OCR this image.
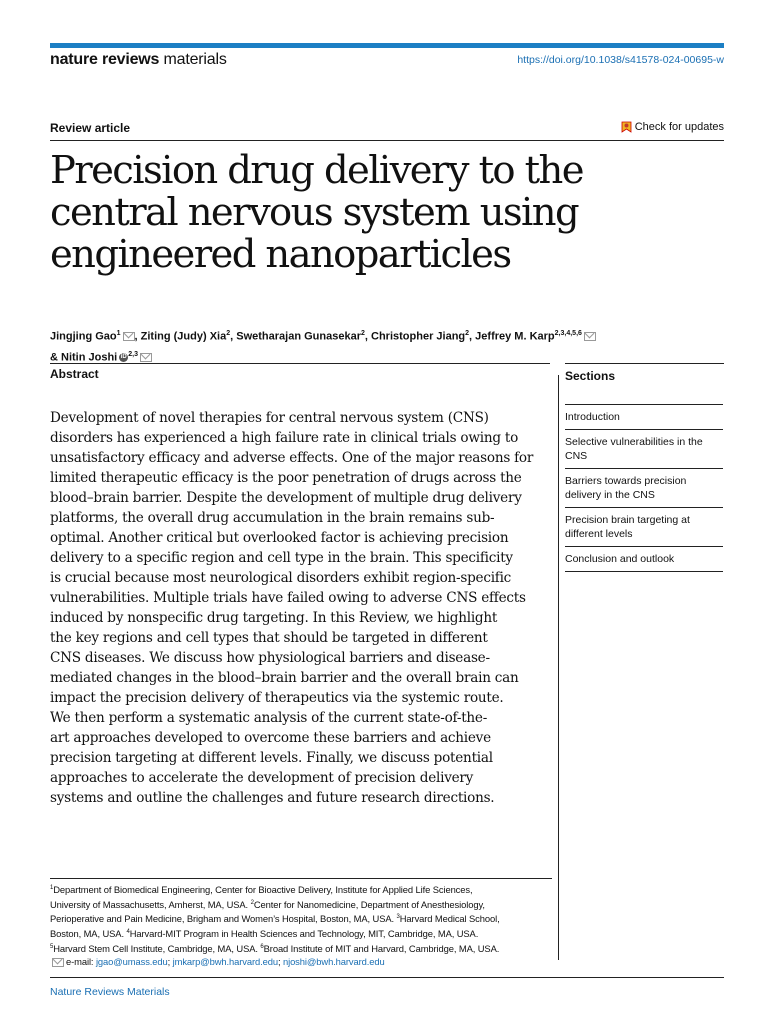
nature reviews materials	https://doi.org/10.1038/s41578-024-00695-w
Review article	Check for updates
Precision drug delivery to the
central nervous system using
engineered nanoparticles
Jingjing Gao$^1$ , Ziting (Judy) Xia$^2$, Swetharajan Gunasekar$^2$, Christopher Jiang$^2$, Jeffrey M. Karp$^{2,3,4,5,6}$
& Nitin Joshi iD $^{2,3}$
Abstract

Development of novel therapies for central nervous system (CNS)
disorders has experienced a high failure rate in clinical trials owing to
unsatisfactory efficacy and adverse effects. One of the major reasons for
limited therapeutic efficacy is the poor penetration of drugs across the
blood–brain barrier. Despite the development of multiple drug delivery
platforms, the overall drug accumulation in the brain remains sub-
optimal. Another critical but overlooked factor is achieving precision
delivery to a specific region and cell type in the brain. This specificity
is crucial because most neurological disorders exhibit region-specific
vulnerabilities. Multiple trials have failed owing to adverse CNS effects
induced by nonspecific drug targeting. In this Review, we highlight
the key regions and cell types that should be targeted in different
CNS diseases. We discuss how physiological barriers and disease-
mediated changes in the blood–brain barrier and the overall brain can
impact the precision delivery of therapeutics via the systemic route.
We then perform a systematic analysis of the current state-of-the-
art approaches developed to overcome these barriers and achieve
precision targeting at different levels. Finally, we discuss potential
approaches to accelerate the development of precision delivery
systems and outline the challenges and future research directions.

Sections
Introduction
Selective vulnerabilities in the CNS
Barriers towards precision delivery in the CNS
Precision brain targeting at different levels
Conclusion and outlook
$^1$Department of Biomedical Engineering, Center for Bioactive Delivery, Institute for Applied Life Sciences,
University of Massachusetts, Amherst, MA, USA. $^2$Center for Nanomedicine, Department of Anesthesiology,
Perioperative and Pain Medicine, Brigham and Women’s Hospital, Boston, MA, USA. $^3$Harvard Medical School,
Boston, MA, USA. $^4$Harvard-MIT Program in Health Sciences and Technology, MIT, Cambridge, MA, USA.
$^5$Harvard Stem Cell Institute, Cambridge, MA, USA. $^6$Broad Institute of MIT and Harvard, Cambridge, MA, USA.
e-mail: jgao@umass.edu; jmkarp@bwh.harvard.edu; njoshi@bwh.harvard.edu
Nature Reviews Materials
